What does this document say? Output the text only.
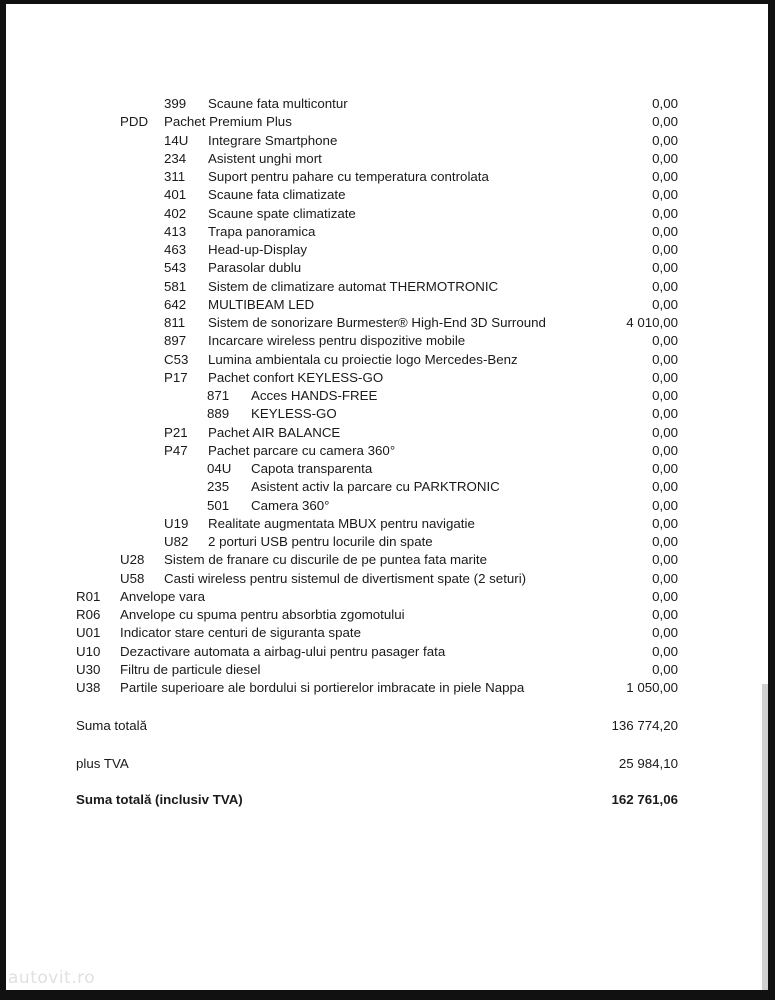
399 Scaune fata multicontur	0,00
PDD Pachet Premium Plus	0,00
14U Integrare Smartphone	0,00
234 Asistent unghi mort	0,00
311 Suport pentru pahare cu temperatura controlata	0,00
401 Scaune fata climatizate	0,00
402 Scaune spate climatizate	0,00
413 Trapa panoramica	0,00
463 Head-up-Display	0,00
543 Parasolar dublu	0,00
581 Sistem de climatizare automat THERMOTRONIC	0,00
642 MULTIBEAM LED	0,00
811 Sistem de sonorizare Burmester® High-End 3D Surround	4 010,00
897 Incarcare wireless pentru dispozitive mobile	0,00
C53 Lumina ambientala cu proiectie logo Mercedes-Benz	0,00
P17 Pachet confort KEYLESS-GO	0,00
871 Acces HANDS-FREE	0,00
889 KEYLESS-GO	0,00
P21 Pachet AIR BALANCE	0,00
P47 Pachet parcare cu camera 360°	0,00
04U Capota transparenta	0,00
235 Asistent activ la parcare cu PARKTRONIC	0,00
501 Camera 360°	0,00
U19 Realitate augmentata MBUX pentru navigatie	0,00
U82 2 porturi USB pentru locurile din spate	0,00
U28 Sistem de franare cu discurile de pe puntea fata marite	0,00
U58 Casti wireless pentru sistemul de divertisment spate (2 seturi)	0,00
R01 Anvelope vara	0,00
R06 Anvelope cu spuma pentru absorbtia zgomotului	0,00
U01 Indicator stare centuri de siguranta spate	0,00
U10 Dezactivare automata a airbag-ului pentru pasager fata	0,00
U30 Filtru de particule diesel	0,00
U38 Partile superioare ale bordului si portierelor imbracate in piele Nappa	1 050,00
Suma totală	136 774,20
plus TVA	25 984,10
Suma totală (inclusiv TVA)	162 761,06
autovit.ro
